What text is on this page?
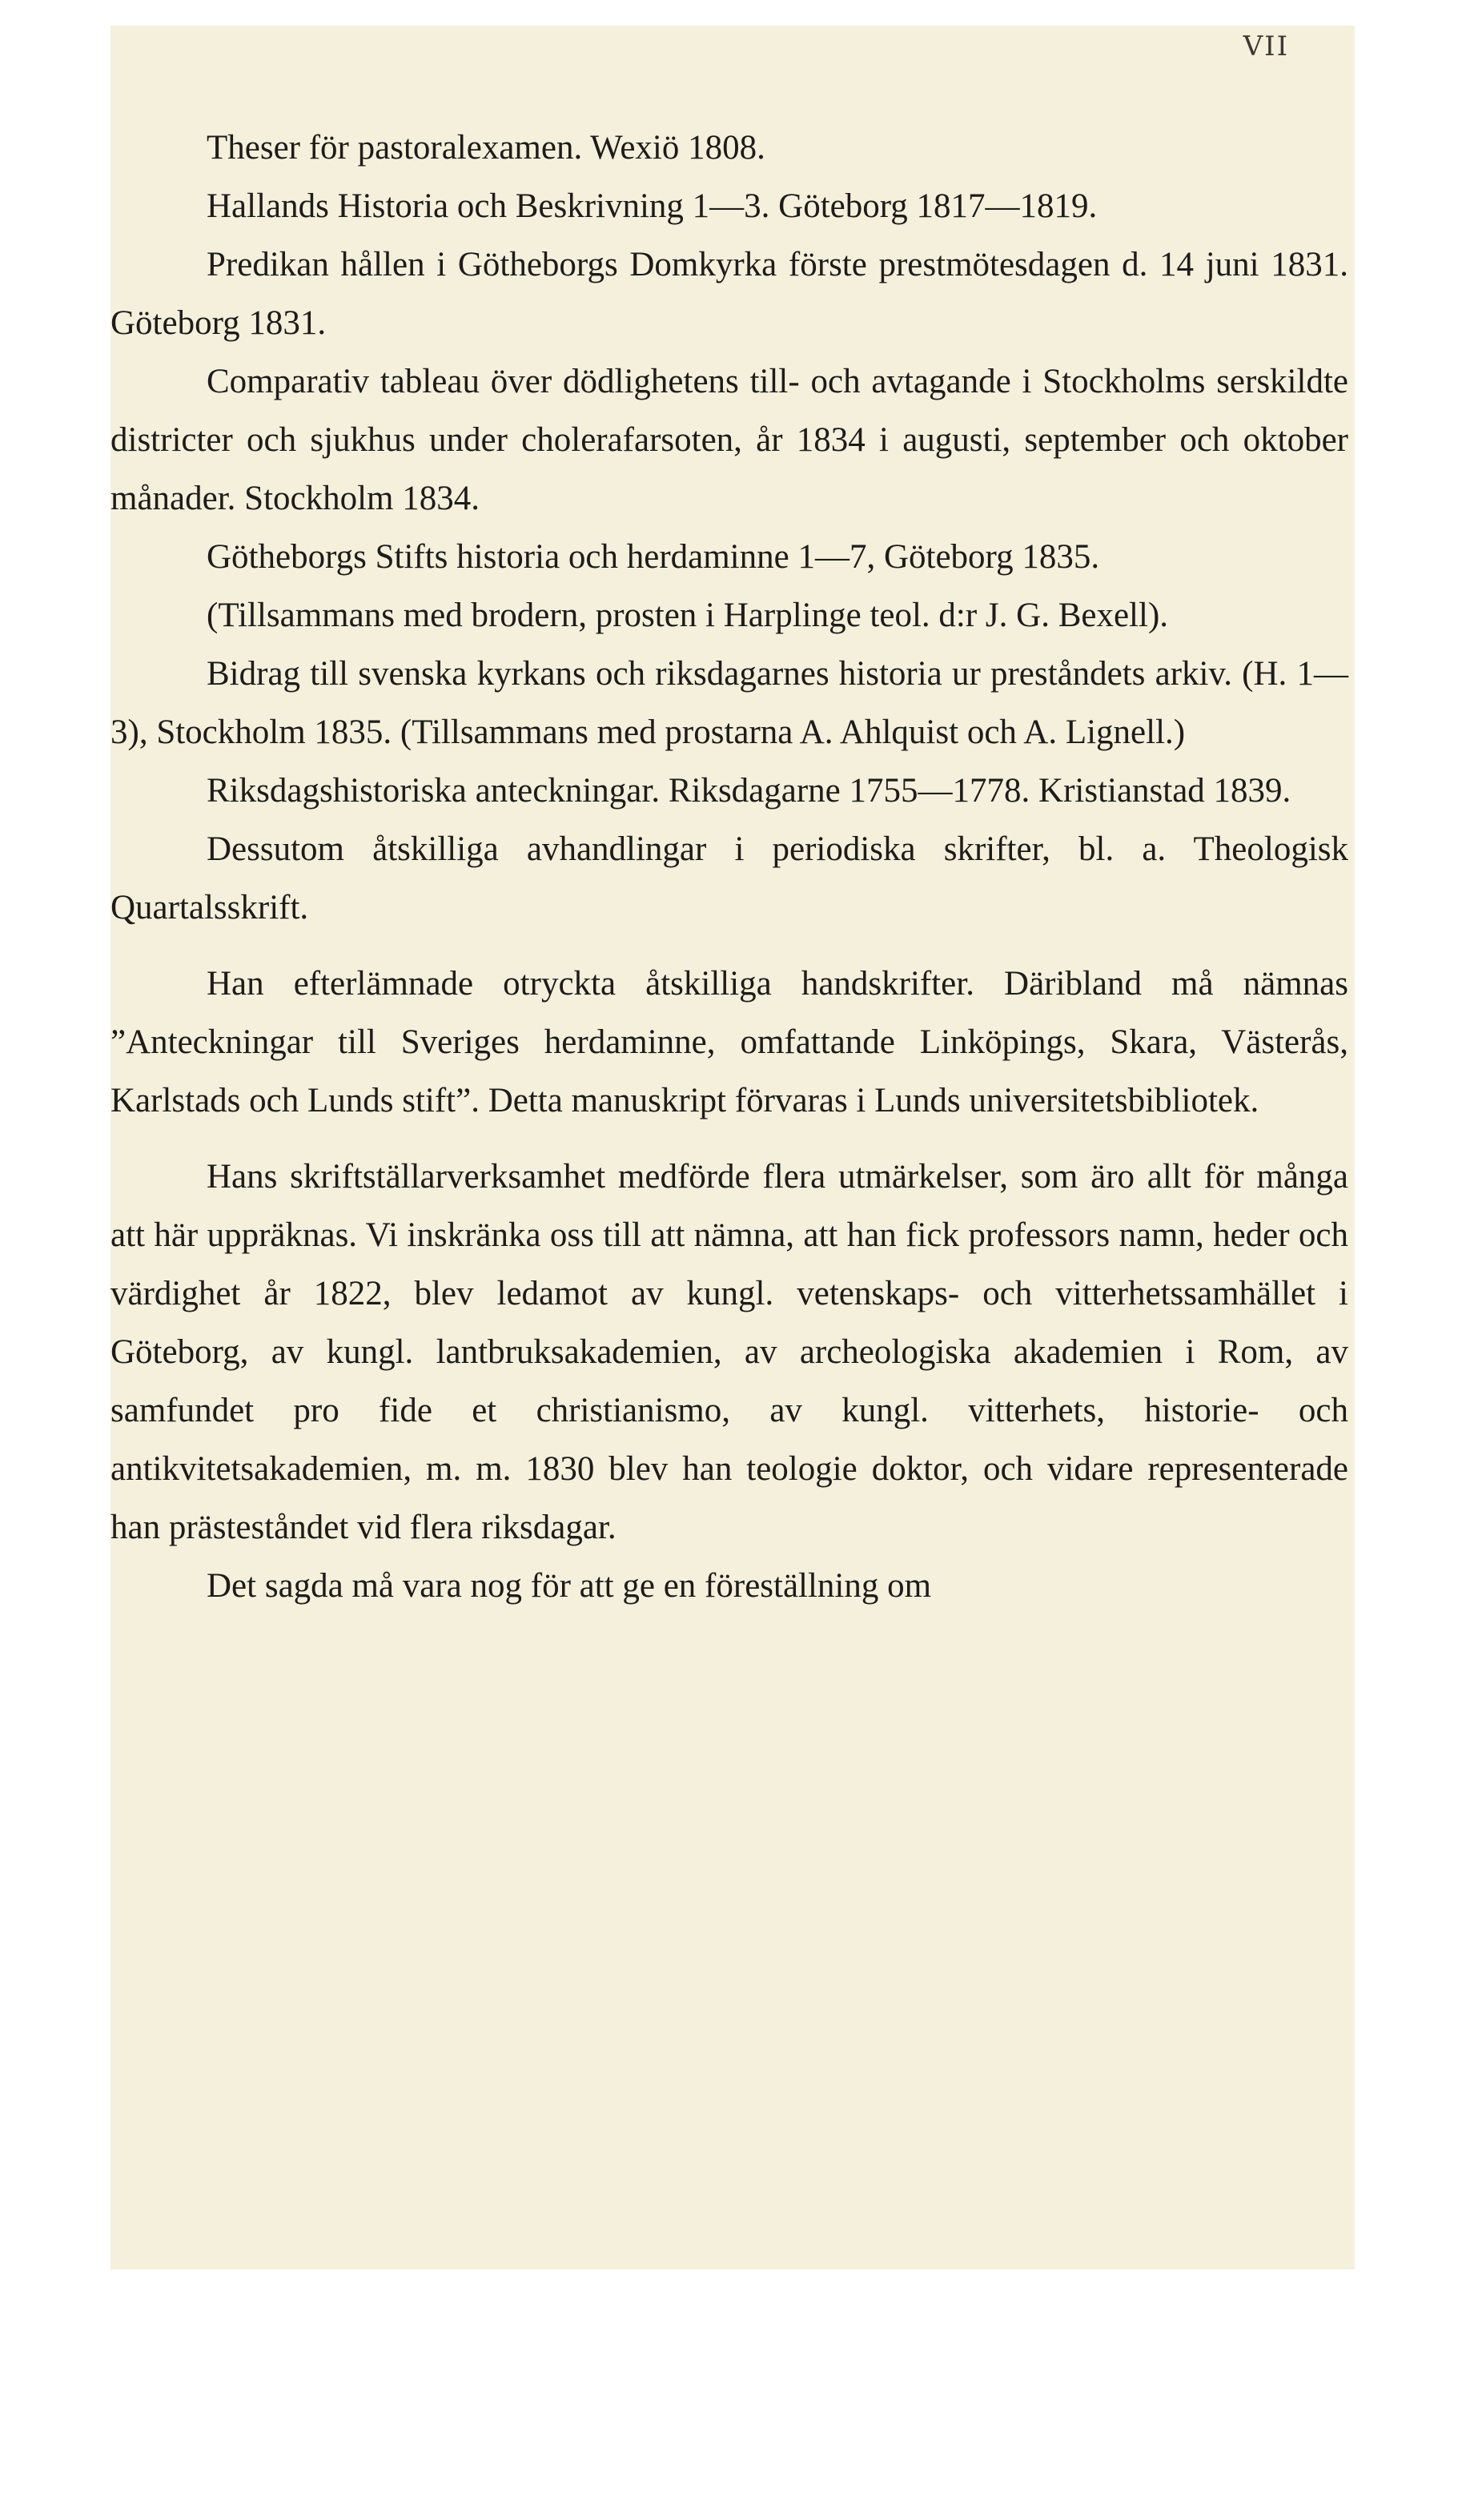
VII

Theser för pastoralexamen. Wexiö 1808.

Hallands Historia och Beskrivning 1—3. Göteborg 1817—1819.

Predikan hållen i Götheborgs Domkyrka förste prestmötesdagen d. 14 juni 1831. Göteborg 1831.

Comparativ tableau över dödlighetens till- och avtagande i Stockholms serskildte districter och sjukhus under cholerafarsoten, år 1834 i augusti, september och oktober månader. Stockholm 1834.

Götheborgs Stifts historia och herdaminne 1—7, Göteborg 1835.

(Tillsammans med brodern, prosten i Harplinge teol. d:r J. G. Bexell).

Bidrag till svenska kyrkans och riksdagarnes historia ur preståndets arkiv. (H. 1—3), Stockholm 1835. (Tillsammans med prostarna A. Ahlquist och A. Lignell.)

Riksdagshistoriska anteckningar. Riksdagarne 1755—1778. Kristianstad 1839.

Dessutom åtskilliga avhandlingar i periodiska skrifter, bl. a. Theologisk Quartalsskrift.

Han efterlämnade otryckta åtskilliga handskrifter. Däribland må nämnas ”Anteckningar till Sveriges herdaminne, omfattande Linköpings, Skara, Västerås, Karlstads och Lunds stift”. Detta manuskript förvaras i Lunds universitetsbibliotek.

Hans skriftställarverksamhet medförde flera utmärkelser, som äro allt för många att här uppräknas. Vi inskränka oss till att nämna, att han fick professors namn, heder och värdighet år 1822, blev ledamot av kungl. vetenskaps- och vitterhetssamhället i Göteborg, av kungl. lantbruksakademien, av archeologiska akademien i Rom, av samfundet pro fide et christianismo, av kungl. vitterhets, historie- och antikvitetsakademien, m. m. 1830 blev han teologie doktor, och vidare representerade han prästeståndet vid flera riksdagar.

Det sagda må vara nog för att ge en föreställning om
